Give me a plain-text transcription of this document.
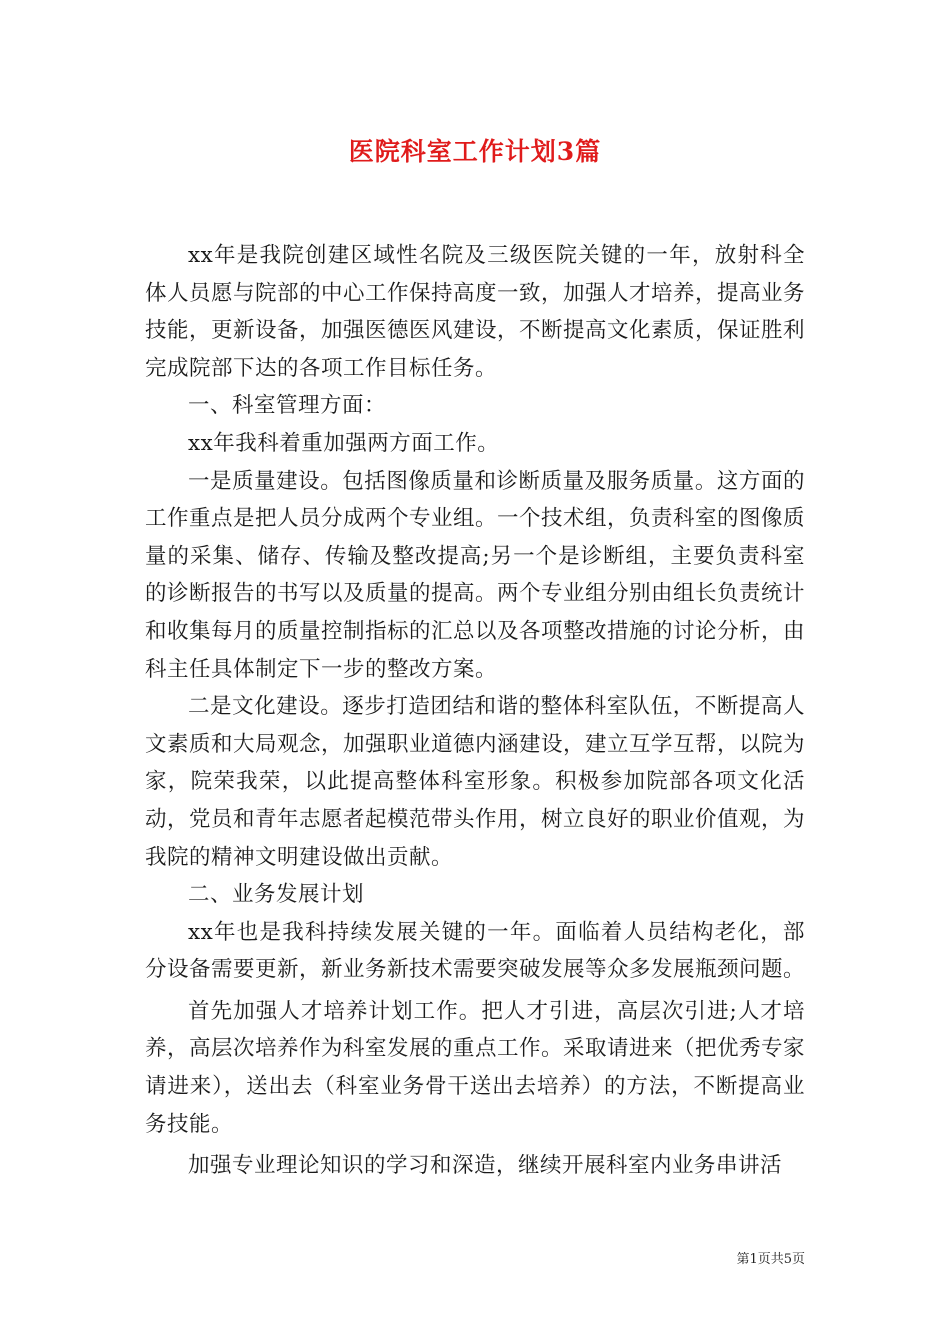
医院科室工作计划3篇

xx年是我院创建区域性名院及三级医院关键的一年，放射科全体人员愿与院部的中心工作保持高度一致，加强人才培养，提高业务技能，更新设备，加强医德医风建设，不断提高文化素质，保证胜利完成院部下达的各项工作目标任务。

一、科室管理方面：

xx年我科着重加强两方面工作。

一是质量建设。包括图像质量和诊断质量及服务质量。这方面的工作重点是把人员分成两个专业组。一个技术组，负责科室的图像质量的采集、储存、传输及整改提高;另一个是诊断组，主要负责科室的诊断报告的书写以及质量的提高。两个专业组分别由组长负责统计和收集每月的质量控制指标的汇总以及各项整改措施的讨论分析，由科主任具体制定下一步的整改方案。

二是文化建设。逐步打造团结和谐的整体科室队伍，不断提高人文素质和大局观念，加强职业道德内涵建设，建立互学互帮，以院为家，院荣我荣，以此提高整体科室形象。积极参加院部各项文化活动，党员和青年志愿者起模范带头作用，树立良好的职业价值观，为我院的精神文明建设做出贡献。

二、业务发展计划

xx年也是我科持续发展关键的一年。面临着人员结构老化，部分设备需要更新，新业务新技术需要突破发展等众多发展瓶颈问题。

首先加强人才培养计划工作。把人才引进，高层次引进;人才培养，高层次培养作为科室发展的重点工作。采取请进来（把优秀专家请进来），送出去（科室业务骨干送出去培养）的方法，不断提高业务技能。

加强专业理论知识的学习和深造，继续开展科室内业务串讲活

第1页共5页
